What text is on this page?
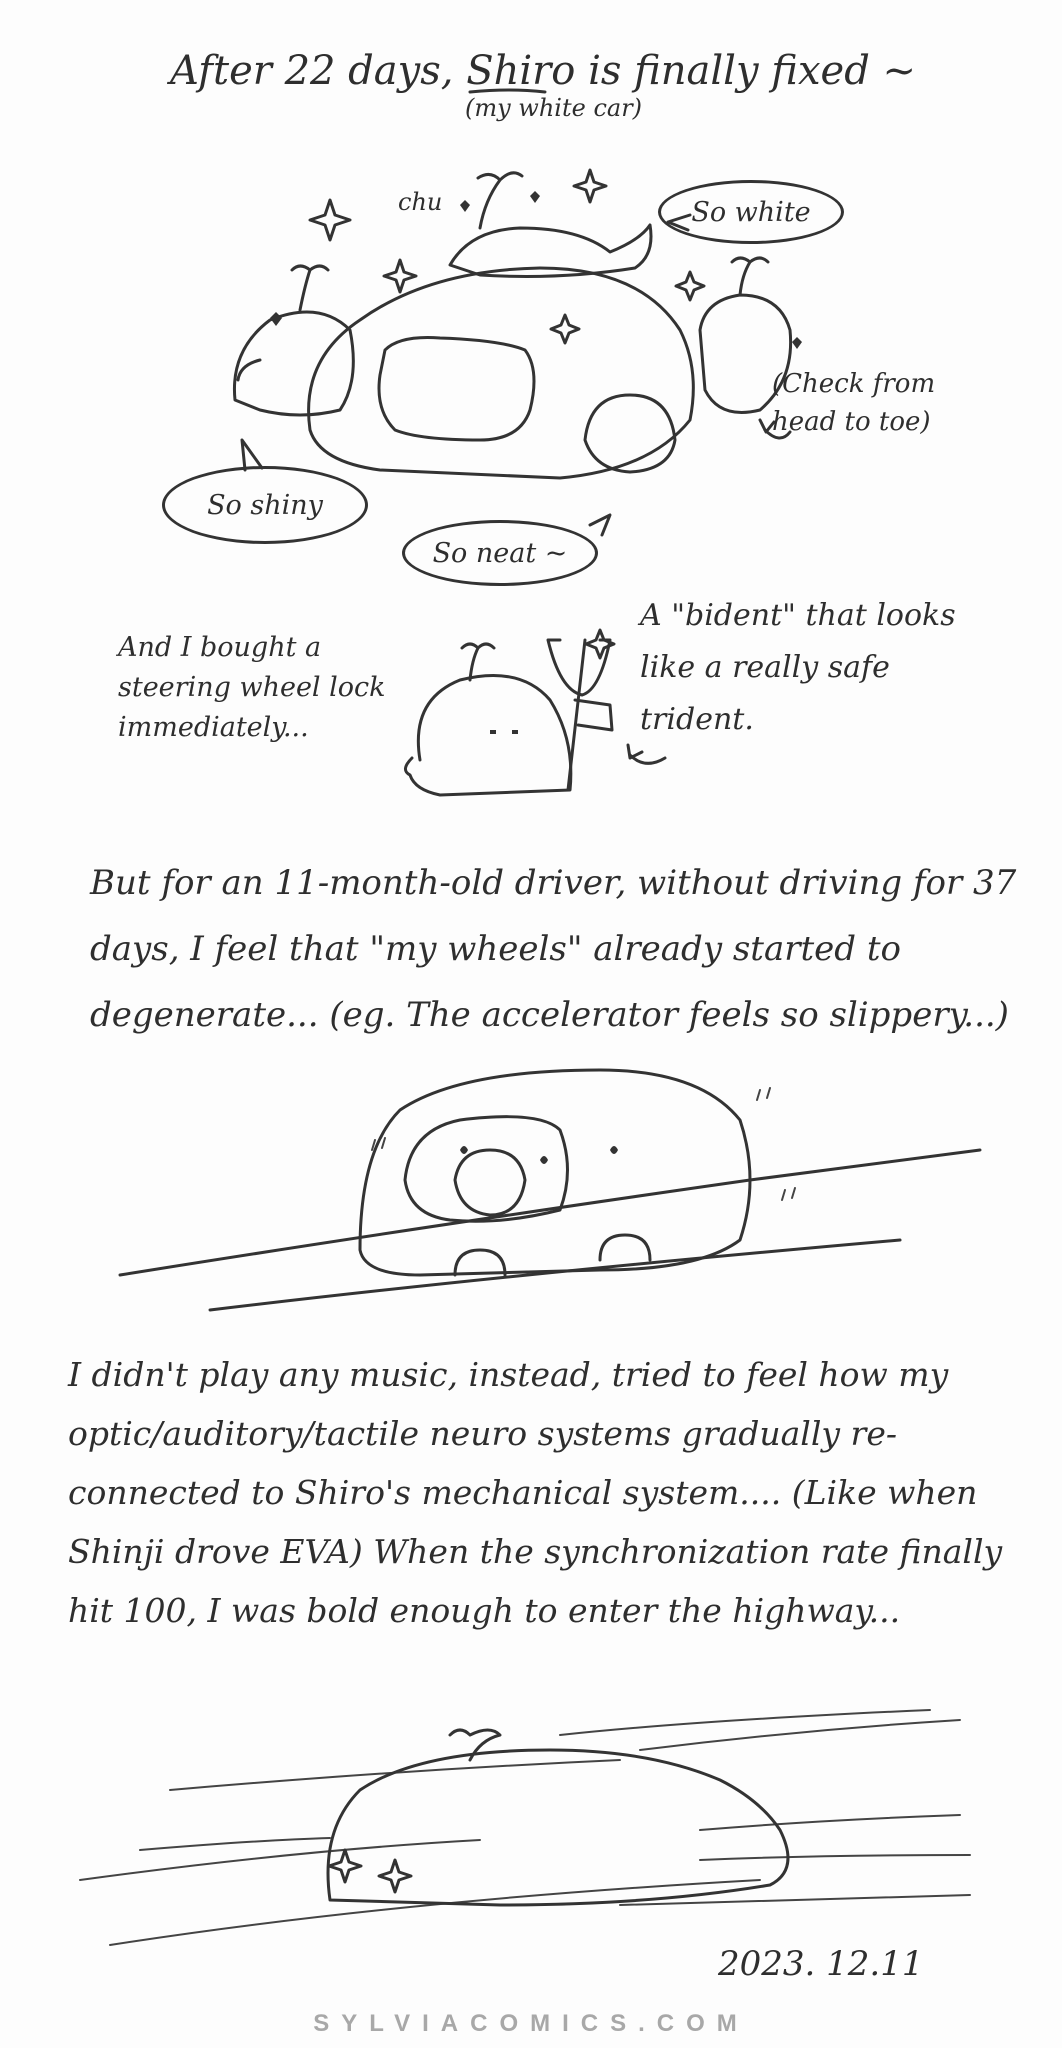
After 22 days, Shiro is finally fixed ~
(my white car)
So white
So shiny
So neat ~
chu
(Check from head to toe)
And I bought a steering wheel lock immediately...
A "bident" that looks like a really safe trident.
But for an 11-month-old driver, without driving for 37 days, I feel that "my wheels" already started to degenerate... (eg. The accelerator feels so slippery...)
I didn't play any music, instead, tried to feel how my optic/auditory/tactile neuro systems gradually re-connected to Shiro's mechanical system.... (Like when Shinji drove EVA) When the synchronization rate finally hit 100, I was bold enough to enter the highway...
2023. 12.11
SYLVIACOMICS.COM
